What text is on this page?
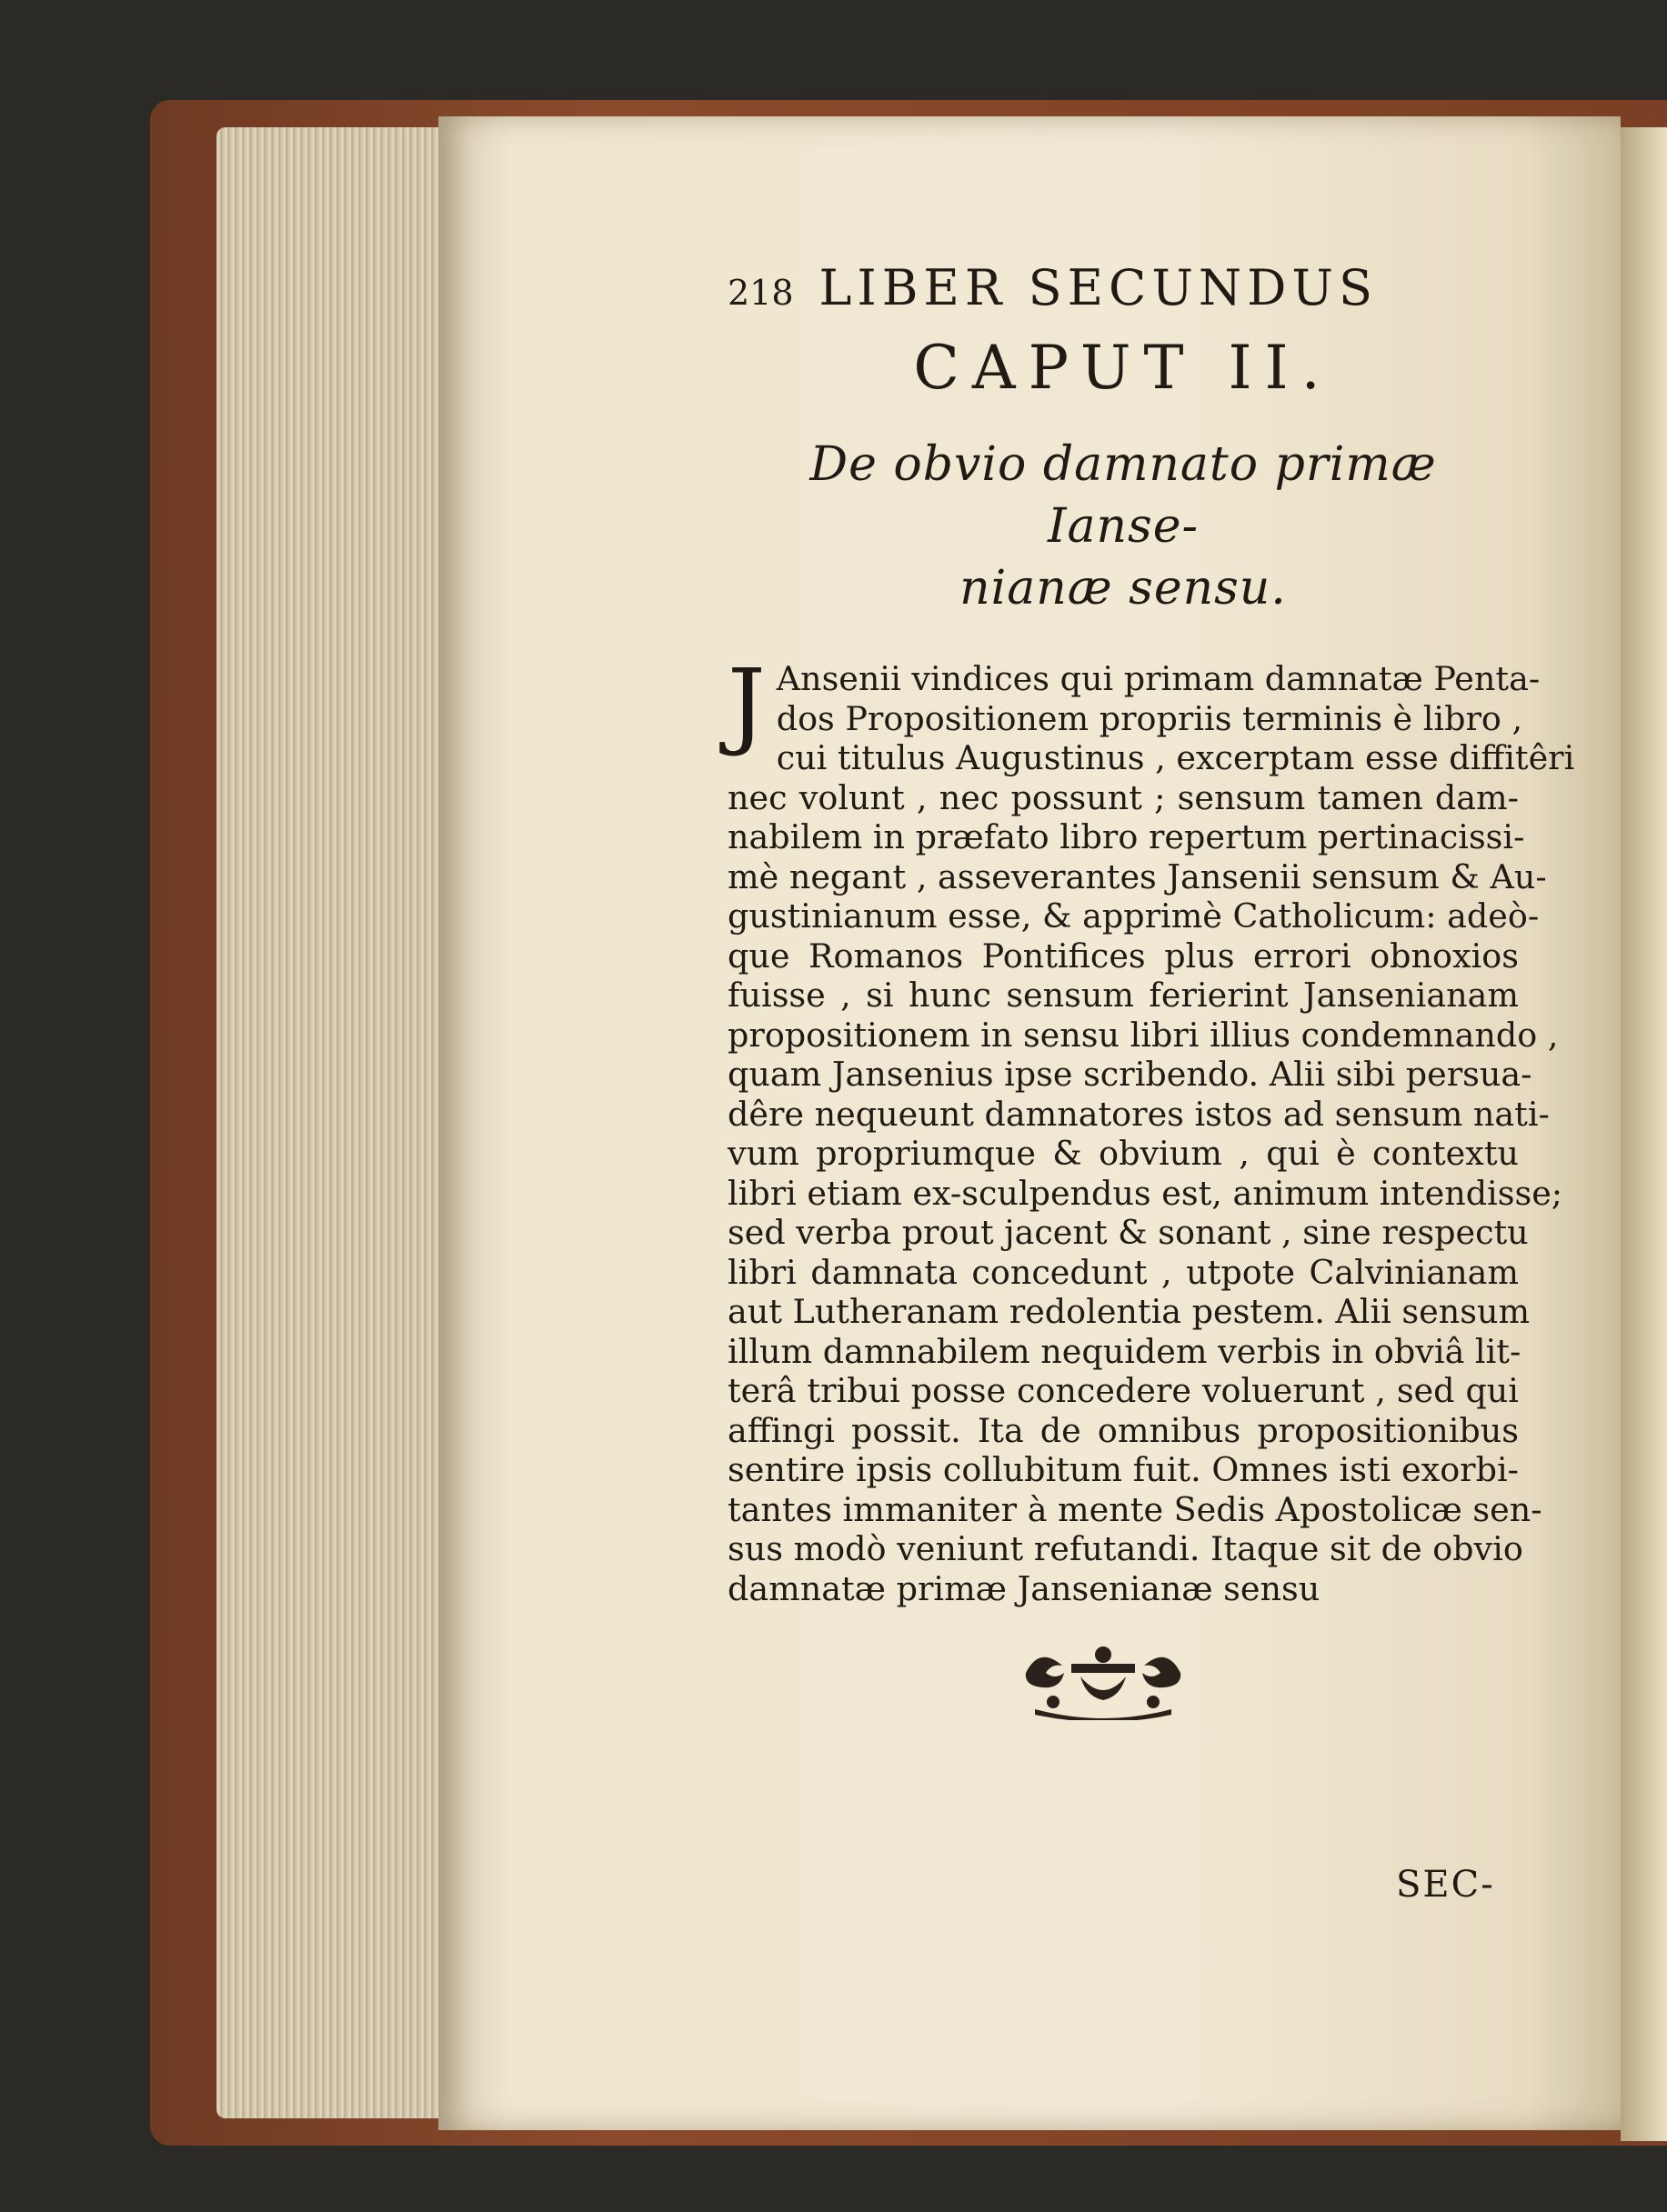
218 LIBER SECUNDUS
CAPUT II.
De obvio damnato primæ Ianse-
nianæ sensu.
J Ansenii vindices qui primam damnatæ Penta-
dos Propositionem propriis terminis è libro ,
cui titulus Augustinus , excerptam esse diffitêri
nec volunt , nec possunt ; sensum tamen dam-
nabilem in præfato libro repertum pertinacissi-
mè negant , asseverantes Jansenii sensum & Au-
gustinianum esse, & apprimè Catholicum: adeò-
que Romanos Pontifices plus errori obnoxios
fuisse , si hunc sensum ferierint Jansenianam
propositionem in sensu libri illius condemnando ,
quam Jansenius ipse scribendo. Alii sibi persua-
dêre nequeunt damnatores istos ad sensum nati-
vum propriumque & obvium , qui è contextu
libri etiam ex-sculpendus est, animum intendisse;
sed verba prout jacent & sonant , sine respectu
libri damnata concedunt , utpote Calvinianam
aut Lutheranam redolentia pestem. Alii sensum
illum damnabilem nequidem verbis in obviâ lit-
terâ tribui posse concedere voluerunt , sed qui
affingi possit. Ita de omnibus propositionibus
sentire ipsis collubitum fuit. Omnes isti exorbi-
tantes immaniter à mente Sedis Apostolicæ sen-
sus modò veniunt refutandi. Itaque sit de obvio
damnatæ primæ Jansenianæ sensu
SEC-
